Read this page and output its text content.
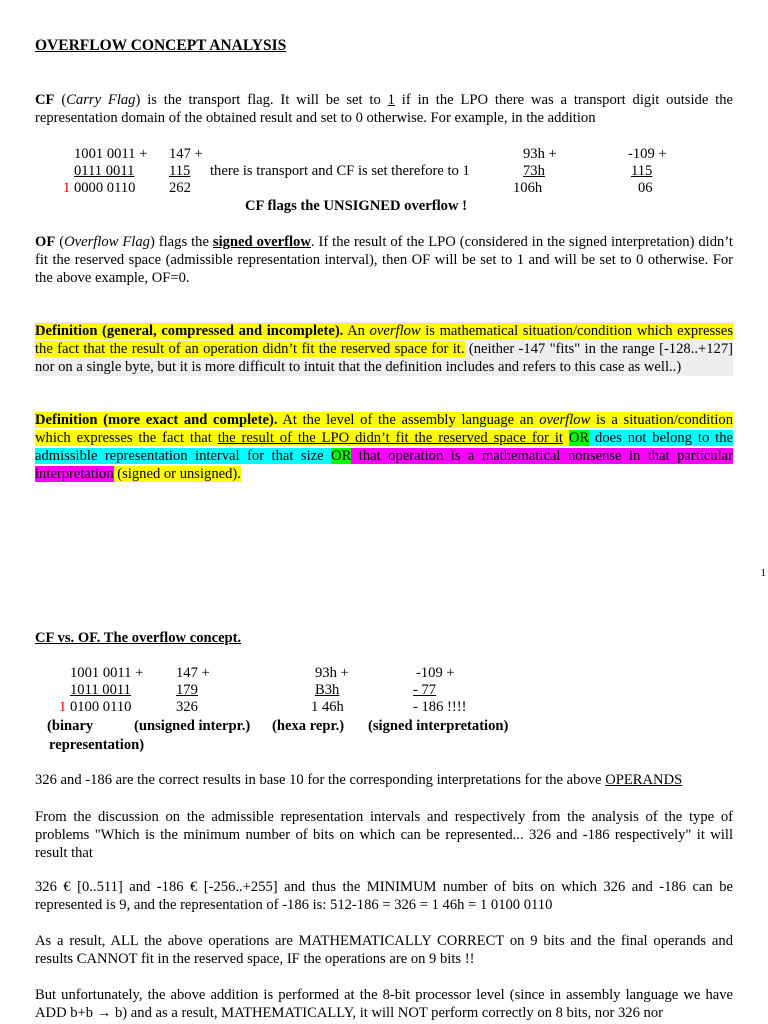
OVERFLOW CONCEPT ANALYSIS
CF (Carry Flag) is the transport flag. It will be set to 1 if in the LPO there was a transport digit outside the representation domain of the obtained result and set to 0 otherwise. For example, in the addition
1001 0011 +
0111 0011
1 0000 0110
147 +
115
262
there is transport and CF is set therefore to 1
93h +
73h
106h
-109 +
115
06
CF flags the UNSIGNED overflow !
OF (Overflow Flag) flags the signed overflow. If the result of the LPO (considered in the signed interpretation) didn’t fit the reserved space (admissible representation interval), then OF will be set to 1 and will be set to 0 otherwise. For the above example, OF=0.
Definition (general, compressed and incomplete). An overflow is mathematical situation/condition which expresses the fact that the result of an operation didn’t fit the reserved space for it. (neither -147 "fits" in the range [-128..+127] nor on a single byte, but it is more difficult to intuit that the definition includes and refers to this case as well..)
Definition (more exact and complete). At the level of the assembly language an overflow is a situation/condition which expresses the fact that the result of the LPO didn’t fit the reserved space for it OR does not belong to the admissible representation interval for that size OR that operation is a mathematical nonsense in that particular interpretation (signed or unsigned).
1
CF vs. OF. The overflow concept.
1001 0011 +
1011 0011
1 0100 0110
147 +
179
326
93h +
B3h
1 46h
-109 +
- 77
- 186 !!!!
(binary
representation)
(unsigned interpr.) (hexa repr.) (signed interpretation)
326 and -186 are the correct results in base 10 for the corresponding interpretations for the above OPERANDS
From the discussion on the admissible representation intervals and respectively from the analysis of the type of problems "Which is the minimum number of bits on which can be represented... 326 and -186 respectively" it will result that
326 € [0..511] and -186 € [-256..+255] and thus the MINIMUM number of bits on which 326 and -186 can be represented is 9, and the representation of -186 is: 512-186 = 326 = 1 46h = 1 0100 0110
As a result, ALL the above operations are MATHEMATICALLY CORRECT on 9 bits and the final operands and results CANNOT fit in the reserved space, IF the operations are on 9 bits !!
But unfortunately, the above addition is performed at the 8-bit processor level (since in assembly language we have ADD b+b → b) and as a result, MATHEMATICALLY, it will NOT perform correctly on 8 bits, nor 326 nor
